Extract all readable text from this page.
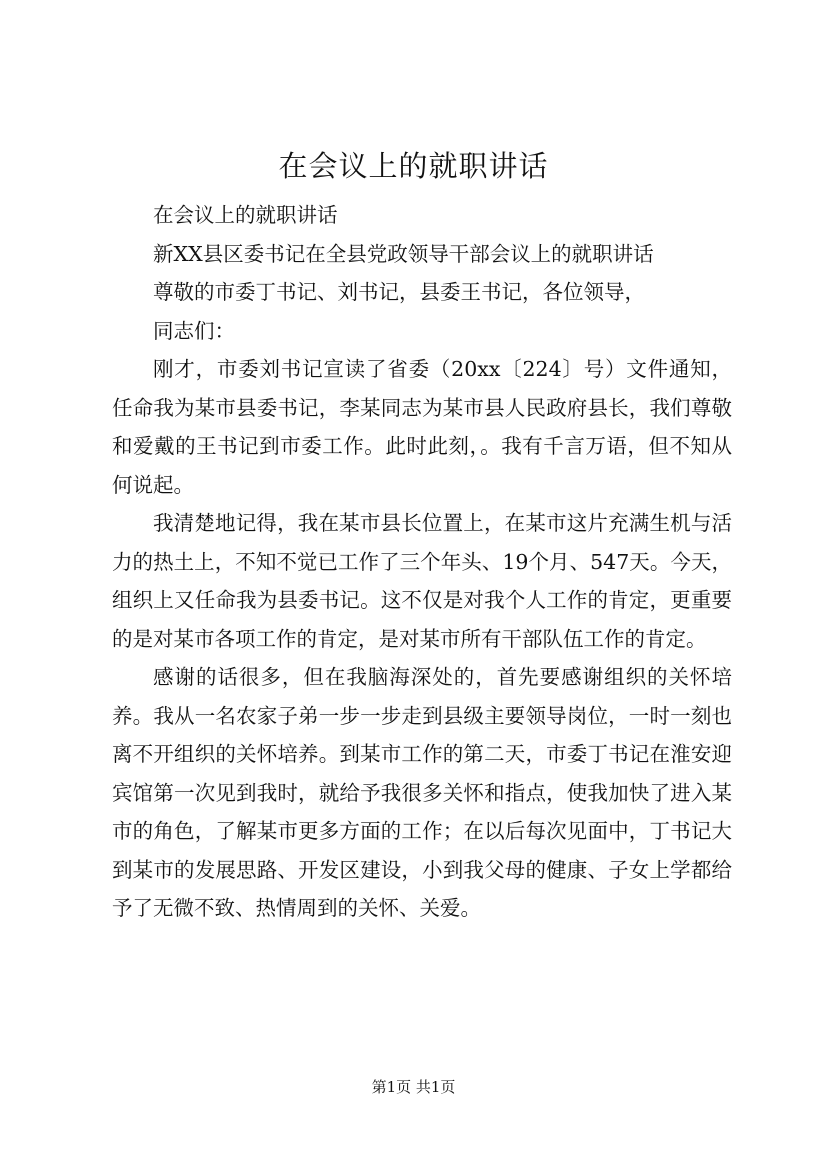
在会议上的就职讲话

在会议上的就职讲话

新XX县区委书记在全县党政领导干部会议上的就职讲话

尊敬的市委丁书记、刘书记，县委王书记，各位领导，

同志们：

刚才，市委刘书记宣读了省委（20xx〔224〕号）文件通知，任命我为某市县委书记，李某同志为某市县人民政府县长，我们尊敬和爱戴的王书记到市委工作。此时此刻，。我有千言万语，但不知从何说起。

我清楚地记得，我在某市县长位置上，在某市这片充满生机与活力的热土上，不知不觉已工作了三个年头、19个月、547天。今天，组织上又任命我为县委书记。这不仅是对我个人工作的肯定，更重要的是对某市各项工作的肯定，是对某市所有干部队伍工作的肯定。

感谢的话很多，但在我脑海深处的，首先要感谢组织的关怀培养。我从一名农家子弟一步一步走到县级主要领导岗位，一时一刻也离不开组织的关怀培养。到某市工作的第二天，市委丁书记在淮安迎宾馆第一次见到我时，就给予我很多关怀和指点，使我加快了进入某市的角色，了解某市更多方面的工作；在以后每次见面中，丁书记大到某市的发展思路、开发区建设，小到我父母的健康、子女上学都给予了无微不致、热情周到的关怀、关爱。

第1页 共1页
